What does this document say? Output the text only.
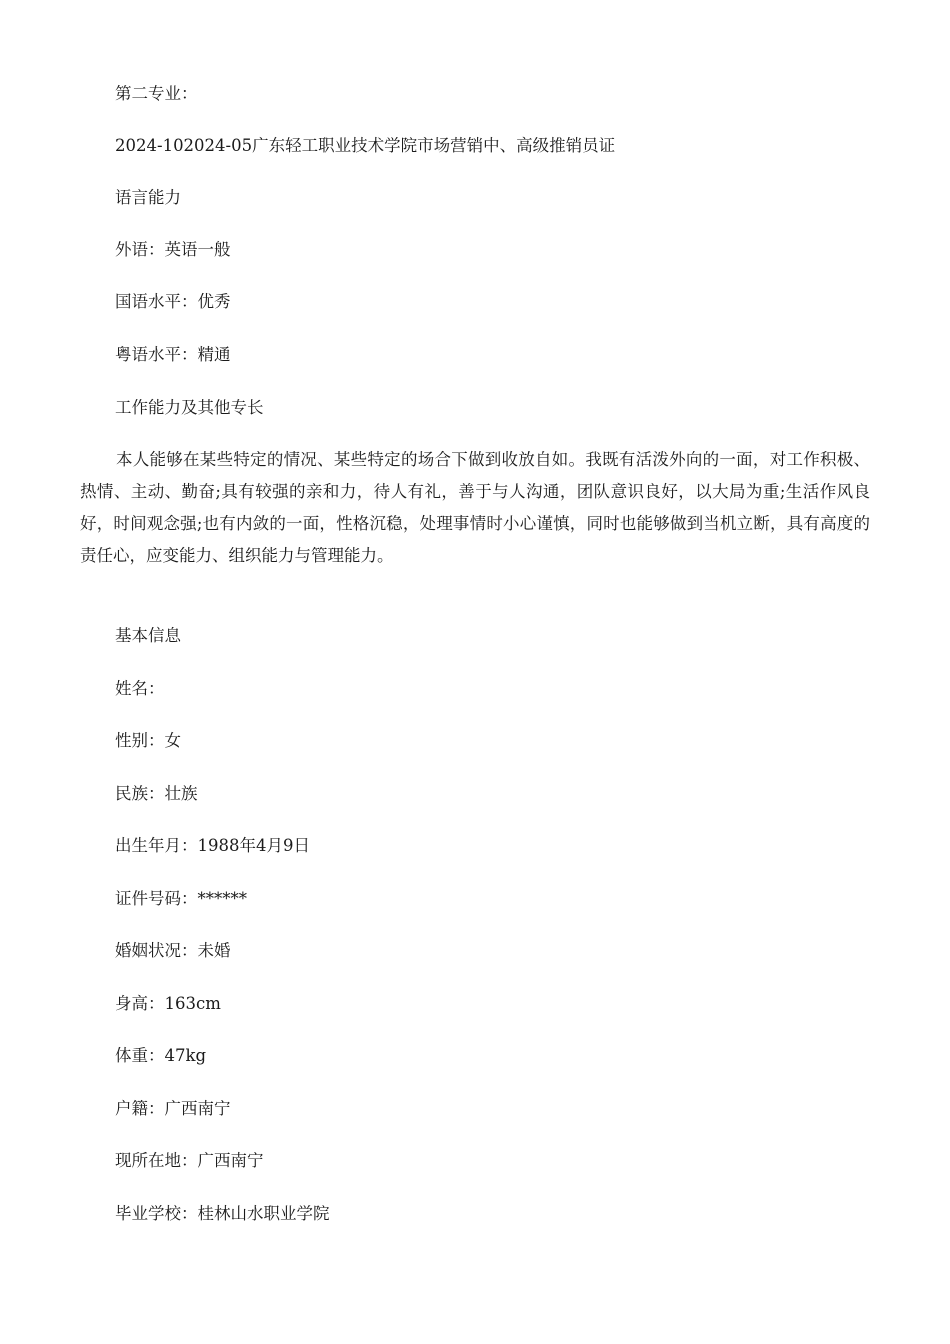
第二专业：
2024-102024-05广东轻工职业技术学院市场营销中、高级推销员证
语言能力
外语：英语一般
国语水平：优秀
粤语水平：精通
工作能力及其他专长

本人能够在某些特定的情况、某些特定的场合下做到收放自如。我既有活泼外向的一面，对工作积极、热情、主动、勤奋;具有较强的亲和力，待人有礼，善于与人沟通，团队意识良好，以大局为重;生活作风良好，时间观念强;也有内敛的一面，性格沉稳，处理事情时小心谨慎，同时也能够做到当机立断，具有高度的责任心，应变能力、组织能力与管理能力。

基本信息
姓名：
性别：女
民族：壮族
出生年月：1988年4月9日
证件号码：******
婚姻状况：未婚
身高：163cm
体重：47kg
户籍：广西南宁
现所在地：广西南宁
毕业学校：桂林山水职业学院
